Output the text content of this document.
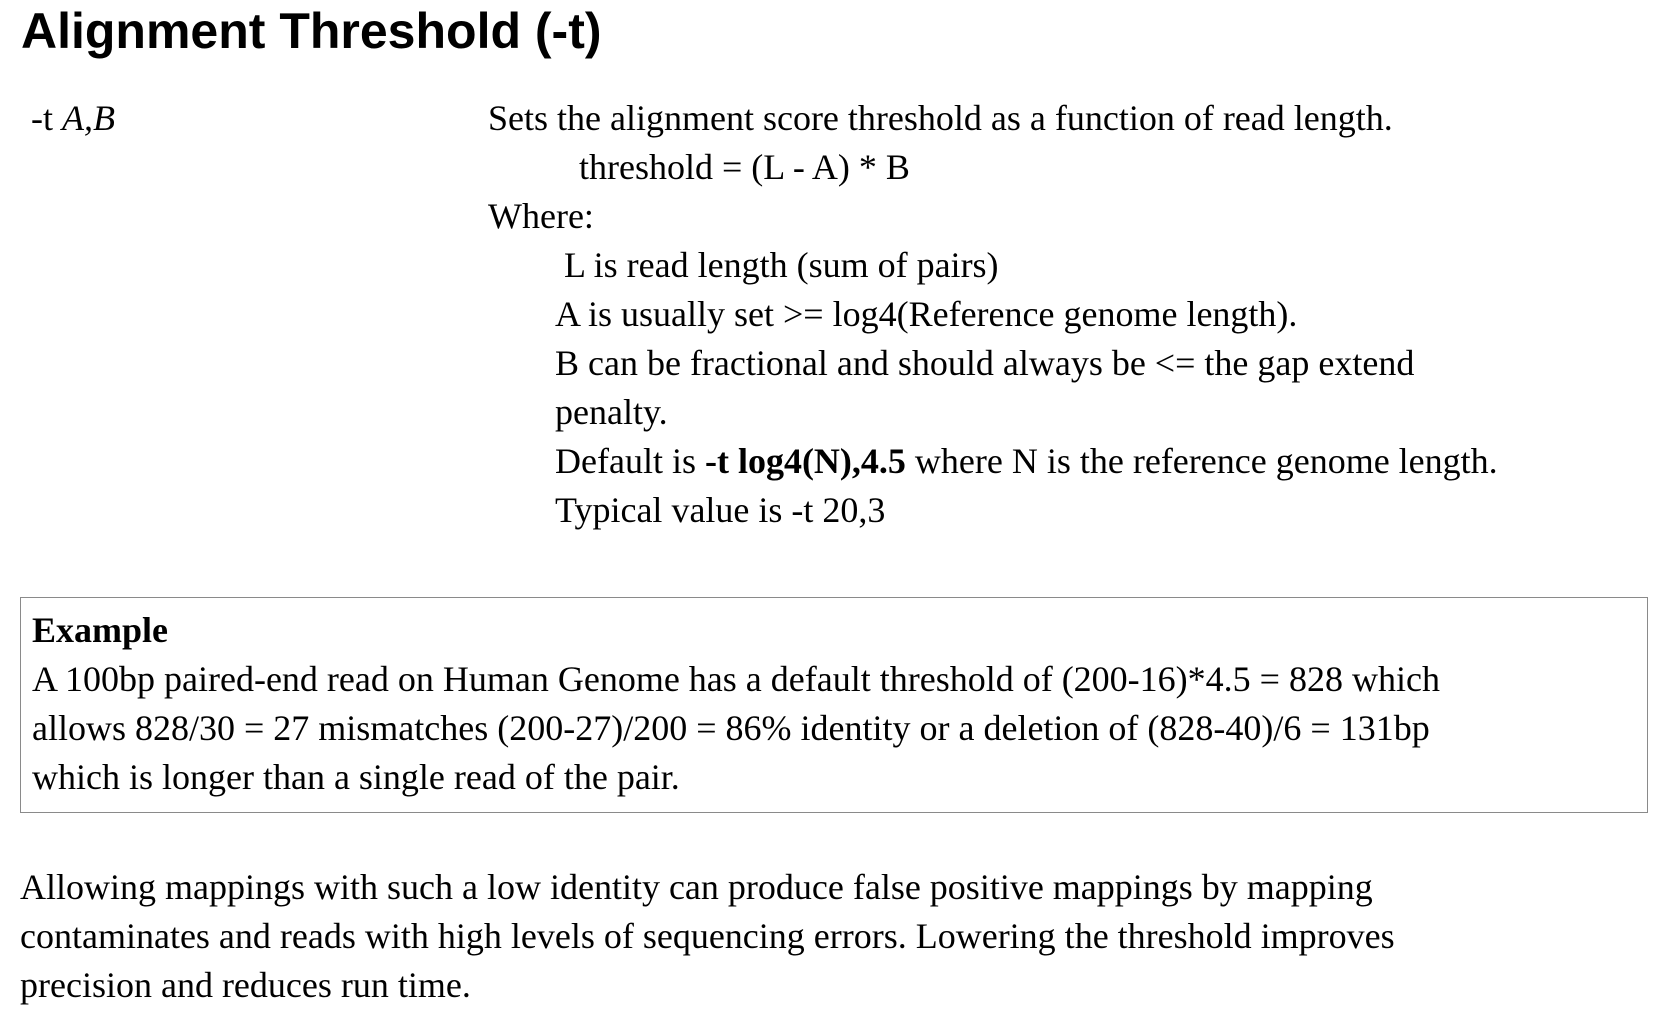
Alignment Threshold (-t)
-t A,B	Sets the alignment score threshold as a function of read length.
threshold = (L - A) * B
Where:
L is read length (sum of pairs)
A is usually set >= log4(Reference genome length).
B can be fractional and should always be <= the gap extend
penalty.
Default is -t log4(N),4.5 where N is the reference genome length.
Typical value is -t 20,3
Example
A 100bp paired-end read on Human Genome has a default threshold of (200-16)*4.5 = 828 which
allows 828/30 = 27 mismatches (200-27)/200 = 86% identity or a deletion of (828-40)/6 = 131bp
which is longer than a single read of the pair.
Allowing mappings with such a low identity can produce false positive mappings by mapping
contaminates and reads with high levels of sequencing errors. Lowering the threshold improves
precision and reduces run time.
